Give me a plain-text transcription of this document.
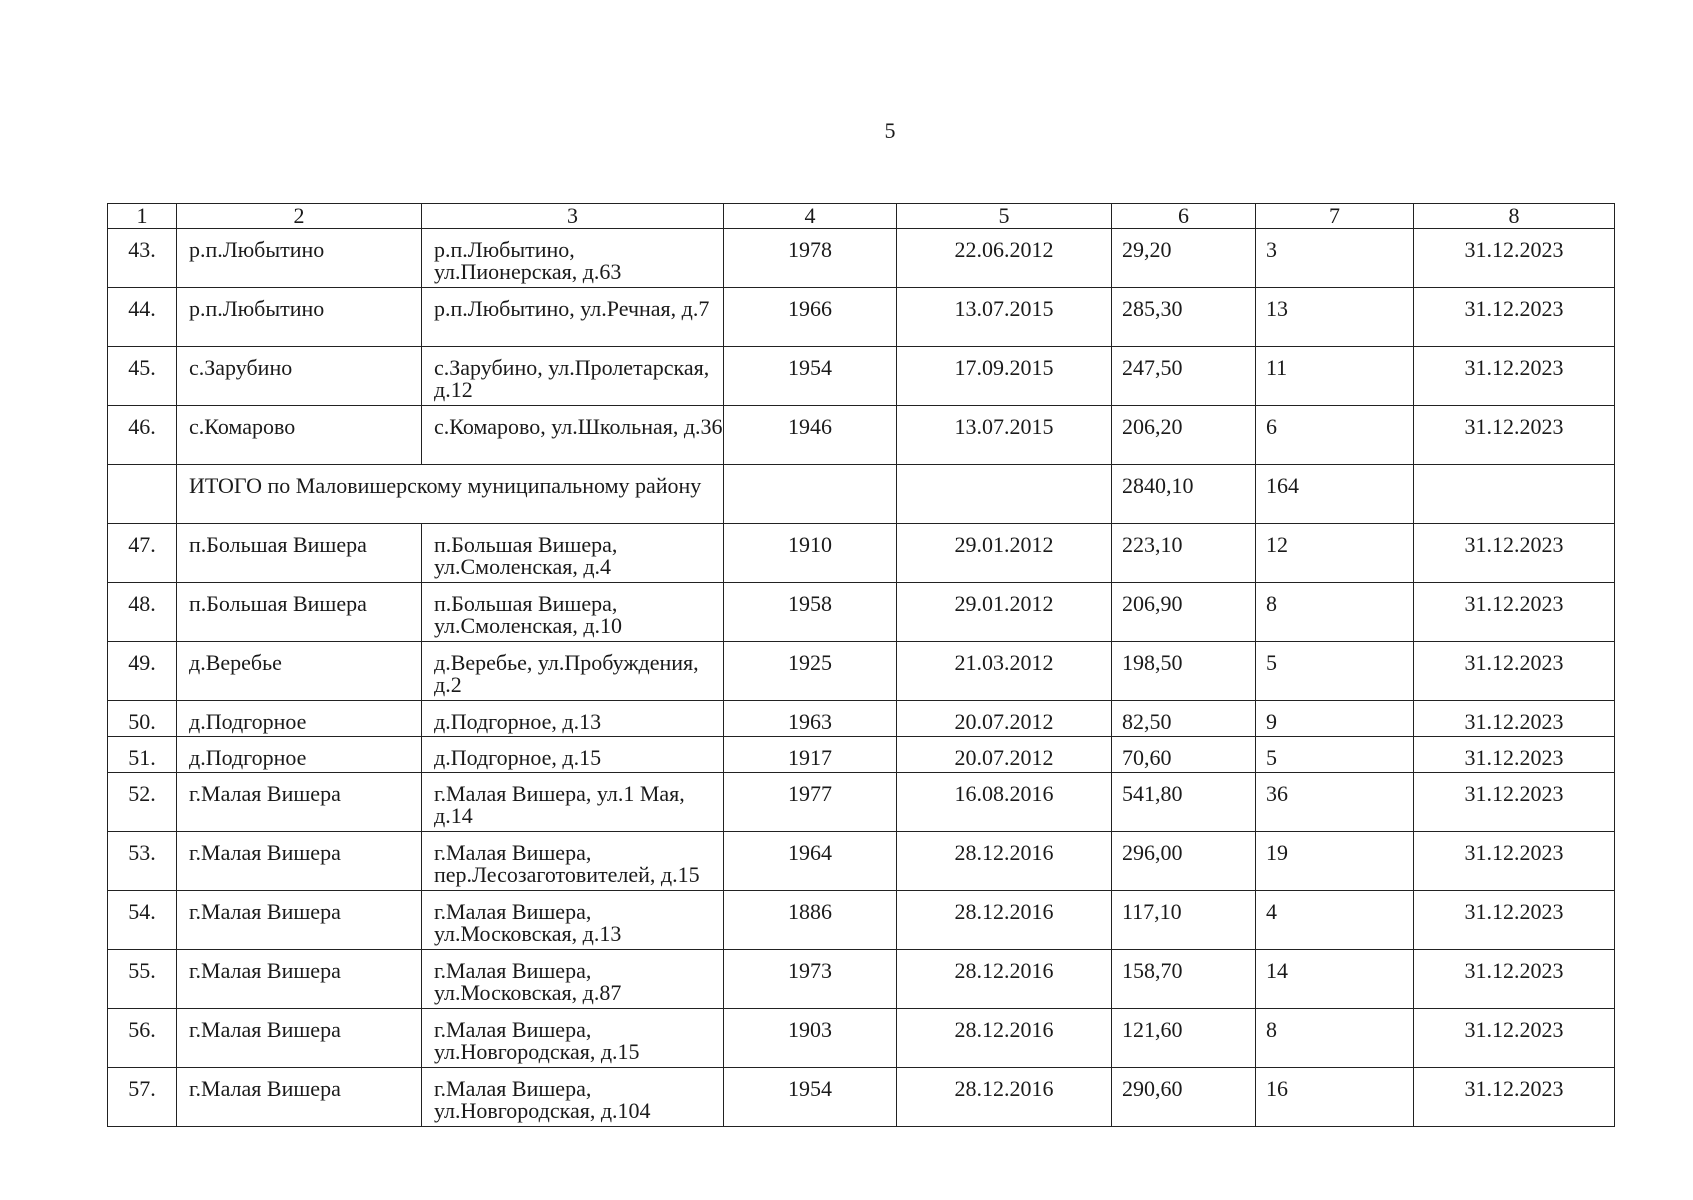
5
1	2	3	4	5	6	7	8

43.	р.п.Любытино	р.п.Любытино, ул.Пионерская, д.63	1978	22.06.2012	29,20	3	31.12.2023

44.	р.п.Любытино	р.п.Любытино, ул.Речная, д.7	1966	13.07.2015	285,30	13	31.12.2023

45.	с.Зарубино	с.Зарубино, ул.Пролетарская, д.12	1954	17.09.2015	247,50	11	31.12.2023

46.	с.Комарово	с.Комарово, ул.Школьная, д.36	1946	13.07.2015	206,20	6	31.12.2023

	ИТОГО по Маловишерскому муниципальному району				2840,10	164	

47.	п.Большая Вишера	п.Большая Вишера, ул.Смоленская, д.4	1910	29.01.2012	223,10	12	31.12.2023

48.	п.Большая Вишера	п.Большая Вишера, ул.Смоленская, д.10	1958	29.01.2012	206,90	8	31.12.2023

49.	д.Веребье	д.Веребье, ул.Пробуждения, д.2	1925	21.03.2012	198,50	5	31.12.2023

50.	д.Подгорное	д.Подгорное, д.13	1963	20.07.2012	82,50	9	31.12.2023

51.	д.Подгорное	д.Подгорное, д.15	1917	20.07.2012	70,60	5	31.12.2023

52.	г.Малая Вишера	г.Малая Вишера, ул.1 Мая, д.14	1977	16.08.2016	541,80	36	31.12.2023

53.	г.Малая Вишера	г.Малая Вишера, пер.Лесозаготовителей, д.15	1964	28.12.2016	296,00	19	31.12.2023

54.	г.Малая Вишера	г.Малая Вишера, ул.Московская, д.13	1886	28.12.2016	117,10	4	31.12.2023

55.	г.Малая Вишера	г.Малая Вишера, ул.Московская, д.87	1973	28.12.2016	158,70	14	31.12.2023

56.	г.Малая Вишера	г.Малая Вишера, ул.Новгородская, д.15	1903	28.12.2016	121,60	8	31.12.2023

57.	г.Малая Вишера	г.Малая Вишера, ул.Новгородская, д.104	1954	28.12.2016	290,60	16	31.12.2023
